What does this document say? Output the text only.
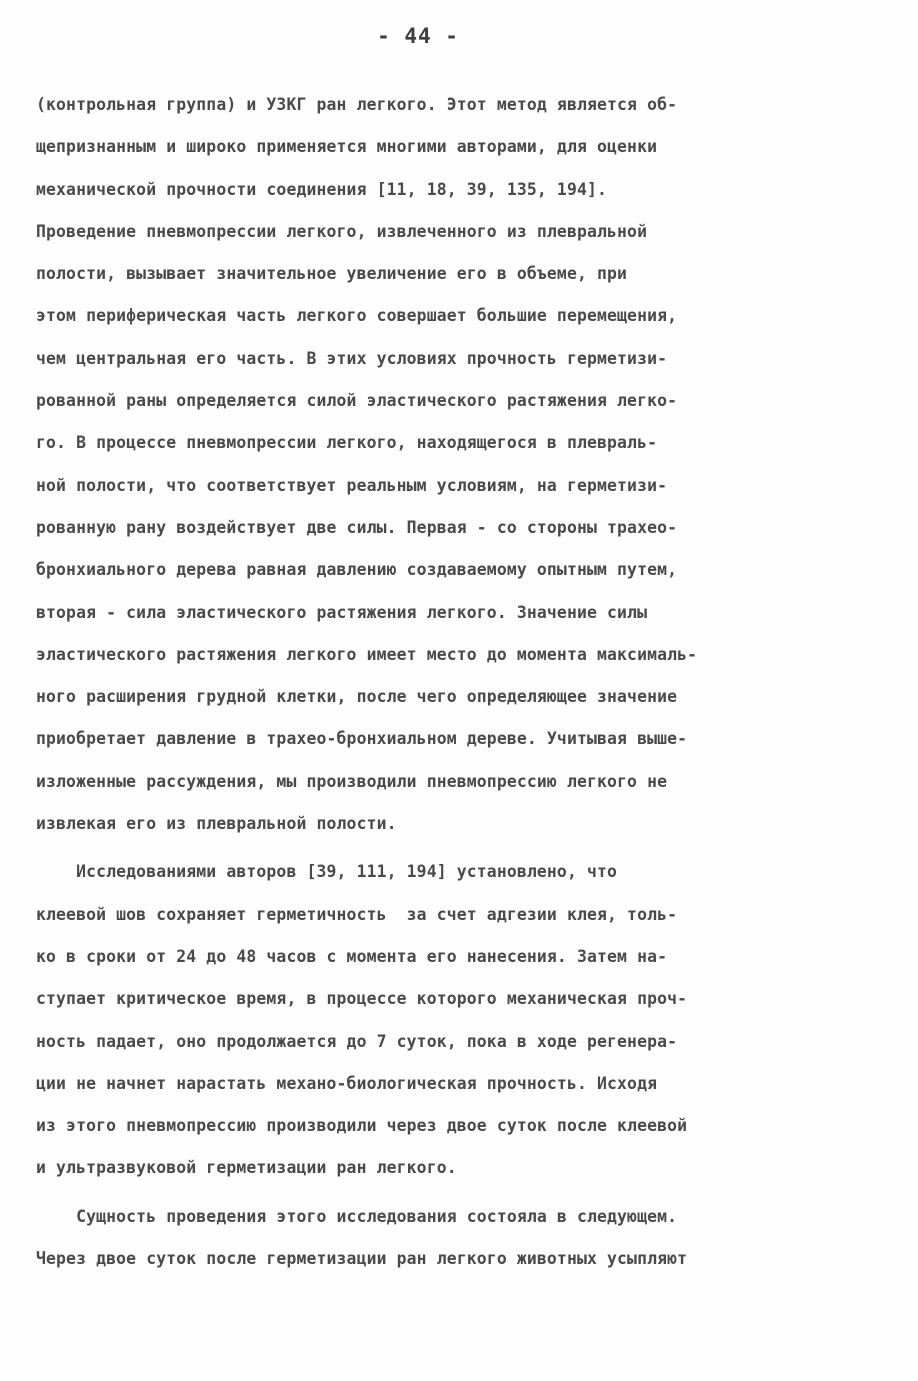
- 44 -
(контрольная группа) и УЗКГ ран легкого. Этот метод является об-
щепризнанным и широко применяется многими авторами, для оценки
механической прочности соединения [11, 18, 39, 135, 194].
Проведение пневмопрессии легкого, извлеченного из плевральной
полости, вызывает значительное увеличение его в объеме, при
этом периферическая часть легкого совершает большие перемещения,
чем центральная его часть. В этих условиях прочность герметизи-
рованной раны определяется силой эластического растяжения легко-
го. В процессе пневмопрессии легкого, находящегося в плевраль-
ной полости, что соответствует реальным условиям, на герметизи-
рованную рану воздействует две силы. Первая - со стороны трахео-
бронхиального дерева равная давлению создаваемому опытным путем,
вторая - сила эластического растяжения легкого. Значение силы
эластического растяжения легкого имеет место до момента максималь-
ного расширения грудной клетки, после чего определяющее значение
приобретает давление в трахео-бронхиальном дереве. Учитывая выше-
изложенные рассуждения, мы производили пневмопрессию легкого не
извлекая его из плевральной полости.
Исследованиями авторов [39, 111, 194] установлено, что
клеевой шов сохраняет герметичность  за счет адгезии клея, толь-
ко в сроки от 24 до 48 часов с момента его нанесения. Затем на-
ступает критическое время, в процессе которого механическая проч-
ность падает, оно продолжается до 7 суток, пока в ходе регенера-
ции не начнет нарастать механо-биологическая прочность. Исходя
из этого пневмопрессию производили через двое суток после клеевой
и ультразвуковой герметизации ран легкого.
Сущность проведения этого исследования состояла в следующем.
Через двое суток после герметизации ран легкого животных усыпляют
